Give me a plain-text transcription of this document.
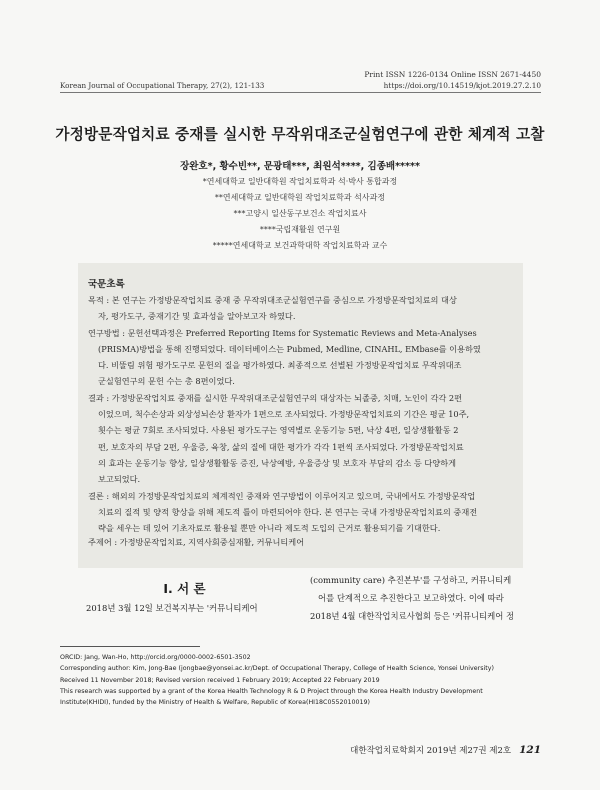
Print ISSN 1226-0134 Online ISSN 2671-4450
Korean Journal of Occupational Therapy, 27(2), 121-133	https://doi.org/10.14519/kjot.2019.27.2.10
가정방문작업치료 중재를 실시한 무작위대조군실험연구에 관한 체계적 고찰
장완호*, 황수빈**, 문광태***, 최원석****, 김종배*****
*연세대학교 일반대학원 작업치료학과 석·박사 통합과정
**연세대학교 일반대학원 작업치료학과 석사과정
***고양시 일산동구보건소 작업치료사
****국립재활원 연구원
*****연세대학교 보건과학대학 작업치료학과 교수
국문초록

목적 : 본 연구는 가정방문작업치료 중재 중 무작위대조군실험연구를 중심으로 가정방문작업치료의 대상

자, 평가도구, 중재기간 및 효과성을 알아보고자 하였다.

연구방법 : 문헌선택과정은 Preferred Reporting Items for Systematic Reviews and Meta-Analyses

(PRISMA)방법을 통해 진행되었다. 데이터베이스는 Pubmed, Medline, CINAHL, EMbase를 이용하였

다. 비뚤림 위험 평가도구로 문헌의 질을 평가하였다. 최종적으로 선별된 가정방문작업치료 무작위대조

군실험연구의 문헌 수는 총 8편이었다.

결과 : 가정방문작업치료 중재를 실시한 무작위대조군실험연구의 대상자는 뇌졸중, 치매, 노인이 각각 2편

이었으며, 척수손상과 외상성뇌손상 환자가 1편으로 조사되었다. 가정방문작업치료의 기간은 평균 10주,

횟수는 평균 7회로 조사되었다. 사용된 평가도구는 영역별로 운동기능 5편, 낙상 4편, 일상생활활동 2

편, 보호자의 부담 2편, 우울증, 육창, 삶의 질에 대한 평가가 각각 1편씩 조사되었다. 가정방문작업치료

의 효과는 운동기능 향상, 일상생활활동 증진, 낙상예방, 우울증상 및 보호자 부담의 감소 등 다양하게

보고되었다.

결론 : 해외의 가정방문작업치료의 체계적인 중재와 연구방법이 이루어지고 있으며, 국내에서도 가정방문작업

치료의 질적 및 양적 향상을 위해 제도적 틀이 마련되어야 한다. 본 연구는 국내 가정방문작업치료의 중재전

략을 세우는 데 있어 기초자료로 활용될 뿐만 아니라 제도적 도입의 근거로 활용되기를 기대한다.

주제어 : 가정방문작업치료, 지역사회중심재활, 커뮤니티케어
Ⅰ. 서 론
2018년 3월 12일 보건복지부는 '커뮤니티케어

(community care) 추진본부'를 구성하고, 커뮤니티케

어를 단계적으로 추진한다고 보고하였다. 이에 따라

2018년 4월 대한작업치료사협회 등은 '커뮤니티케어 정

ORCID: Jang, Wan-Ho, http://orcid.org/0000-0002-6501-3502

Corresponding author: Kim, Jong-Bae (jongbae@yonsei.ac.kr/Dept. of Occupational Therapy, College of Health Science, Yonsei University)

Received 11 November 2018; Revised version received 1 February 2019; Accepted 22 February 2019

This research was supported by a grant of the Korea Health Technology R & D Project through the Korea Health Industry Development

Institute(KHIDI), funded by the Ministry of Health & Welfare, Republic of Korea(HI18C0552010019)

대한작업치료학회지 2019년 제27권 제2호 121
